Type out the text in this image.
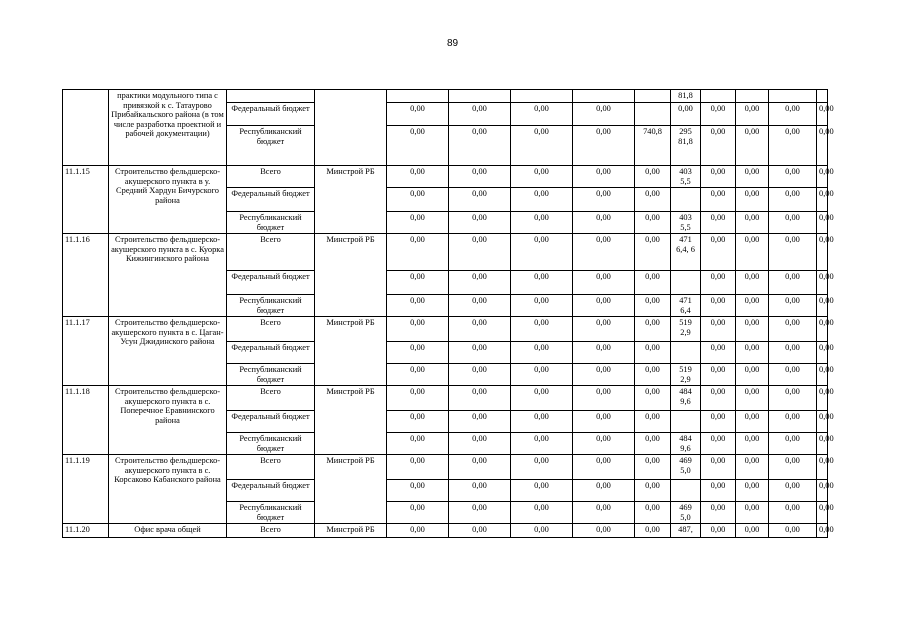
89
	практики модульного типа с привязкой к с. Татаурово Прибайкальского района (в том числе разработка проектной и рабочей документации)								81,8				
		Федеральный бюджет		0,00	0,00	0,00	0,00		0,00	0,00	0,00	0,00	0,00
		Республиканский бюджет		0,00	0,00	0,00	0,00	740,8	295 81,8	0,00	0,00	0,00	0,00
11.1.15	Строительство фельдшерско-акушерского пункта в у. Средний Хардун Бичурского района	Всего	Минстрой РБ	0,00	0,00	0,00	0,00	0,00	403 5,5	0,00	0,00	0,00	0,00
		Федеральный бюджет		0,00	0,00	0,00	0,00	0,00		0,00	0,00	0,00	0,00
		Республиканский бюджет		0,00	0,00	0,00	0,00	0,00	403 5,5	0,00	0,00	0,00	0,00
11.1.16	Строительство фельдшерско-акушерского пункта в с. Куорка Кижингинского района	Всего	Минстрой РБ	0,00	0,00	0,00	0,00	0,00	471 6,4, 6	0,00	0,00	0,00	0,00
		Федеральный бюджет		0,00	0,00	0,00	0,00	0,00		0,00	0,00	0,00	0,00
		Республиканский бюджет		0,00	0,00	0,00	0,00	0,00	471 6,4	0,00	0,00	0,00	0,00
11.1.17	Строительство фельдшерско-акушерского пункта в с. Цаган-Усун Джидинского района	Всего	Минстрой РБ	0,00	0,00	0,00	0,00	0,00	519 2,9	0,00	0,00	0,00	0,00
		Федеральный бюджет		0,00	0,00	0,00	0,00	0,00		0,00	0,00	0,00	0,00
		Республиканский бюджет		0,00	0,00	0,00	0,00	0,00	519 2,9	0,00	0,00	0,00	0,00
11.1.18	Строительство фельдшерско-акушерского пункта в с. Поперечное Еравнинского района	Всего	Минстрой РБ	0,00	0,00	0,00	0,00	0,00	484 9,6	0,00	0,00	0,00	0,00
		Федеральный бюджет		0,00	0,00	0,00	0,00	0,00		0,00	0,00	0,00	0,00
		Республиканский бюджет		0,00	0,00	0,00	0,00	0,00	484 9,6	0,00	0,00	0,00	0,00
11.1.19	Строительство фельдшерско-акушерского пункта в с. Корсаково Кабанского района	Всего	Минстрой РБ	0,00	0,00	0,00	0,00	0,00	469 5,0	0,00	0,00	0,00	0,00
		Федеральный бюджет		0,00	0,00	0,00	0,00	0,00		0,00	0,00	0,00	0,00
		Республиканский бюджет		0,00	0,00	0,00	0,00	0,00	469 5,0	0,00	0,00	0,00	0,00
11.1.20	Офис врача общей	Всего	Минстрой РБ	0,00	0,00	0,00	0,00	0,00	487,	0,00	0,00	0,00	0,00
